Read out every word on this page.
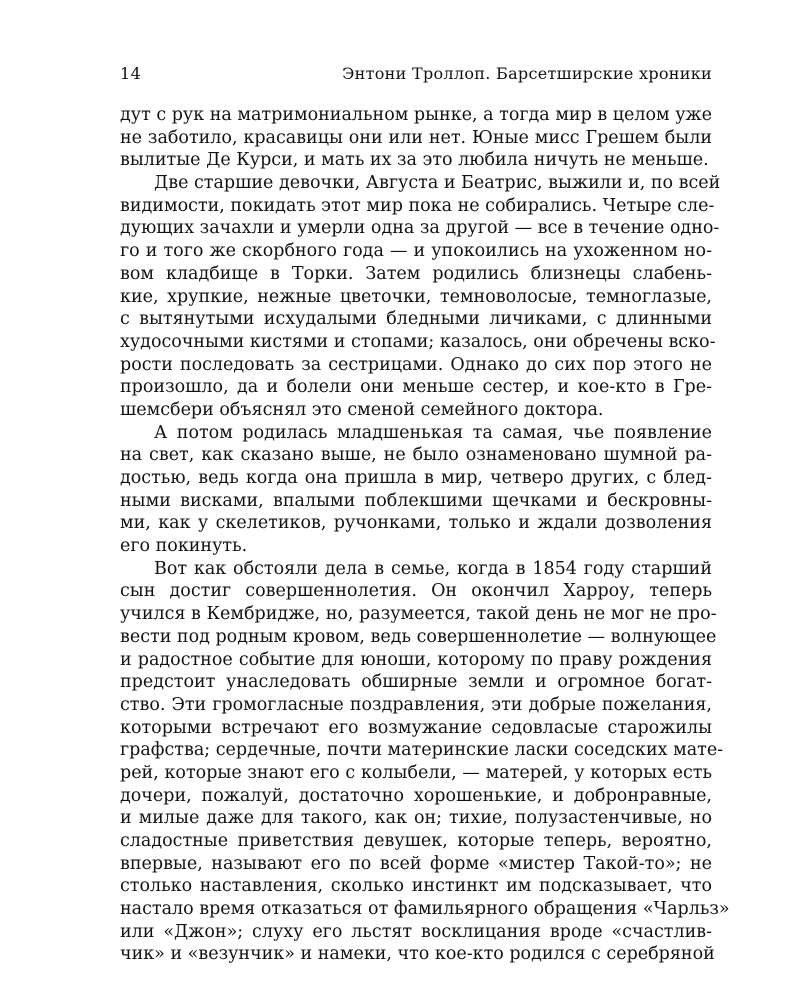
14	Энтони Троллоп. Барсетширские хроники
дут с рук на матримониальном рынке, а тогда мир в целом уже
не заботило, красавицы они или нет. Юные мисс Грешем были
вылитые Де Курси, и мать их за это любила ничуть не меньше.
Две старшие девочки, Августа и Беатрис, выжили и, по всей
видимости, покидать этот мир пока не собирались. Четыре сле-
дующих зачахли и умерли одна за другой — все в течение одно-
го и того же скорбного года — и упокоились на ухоженном но-
вом кладбище в Торки. Затем родились близнецы слабень-
кие, хрупкие, нежные цветочки, темноволосые, темноглазые,
с вытянутыми исхудалыми бледными личиками, с длинными
худосочными кистями и стопами; казалось, они обречены вско-
рости последовать за сестрицами. Однако до сих пор этого не
произошло, да и болели они меньше сестер, и кое-кто в Гре-
шемсбери объяснял это сменой семейного доктора.
А потом родилась младшенькая та самая, чье появление
на свет, как сказано выше, не было ознаменовано шумной ра-
достью, ведь когда она пришла в мир, четверо других, с блед-
ными висками, впалыми поблекшими щечками и бескровны-
ми, как у скелетиков, ручонками, только и ждали дозволения
его покинуть.
Вот как обстояли дела в семье, когда в 1854 году старший
сын достиг совершеннолетия. Он окончил Харроу, теперь
учился в Кембридже, но, разумеется, такой день не мог не про-
вести под родным кровом, ведь совершеннолетие — волнующее
и радостное событие для юноши, которому по праву рождения
предстоит унаследовать обширные земли и огромное богат-
ство. Эти громогласные поздравления, эти добрые пожелания,
которыми встречают его возмужание седовласые старожилы
графства; сердечные, почти материнские ласки соседских мате-
рей, которые знают его с колыбели, — матерей, у которых есть
дочери, пожалуй, достаточно хорошенькие, и добронравные,
и милые даже для такого, как он; тихие, полузастенчивые, но
сладостные приветствия девушек, которые теперь, вероятно,
впервые, называют его по всей форме «мистер Такой-то»; не
столько наставления, сколько инстинкт им подсказывает, что
настало время отказаться от фамильярного обращения «Чарльз»
или «Джон»; слуху его льстят восклицания вроде «счастлив-
чик» и «везунчик» и намеки, что кое-кто родился с серебряной
